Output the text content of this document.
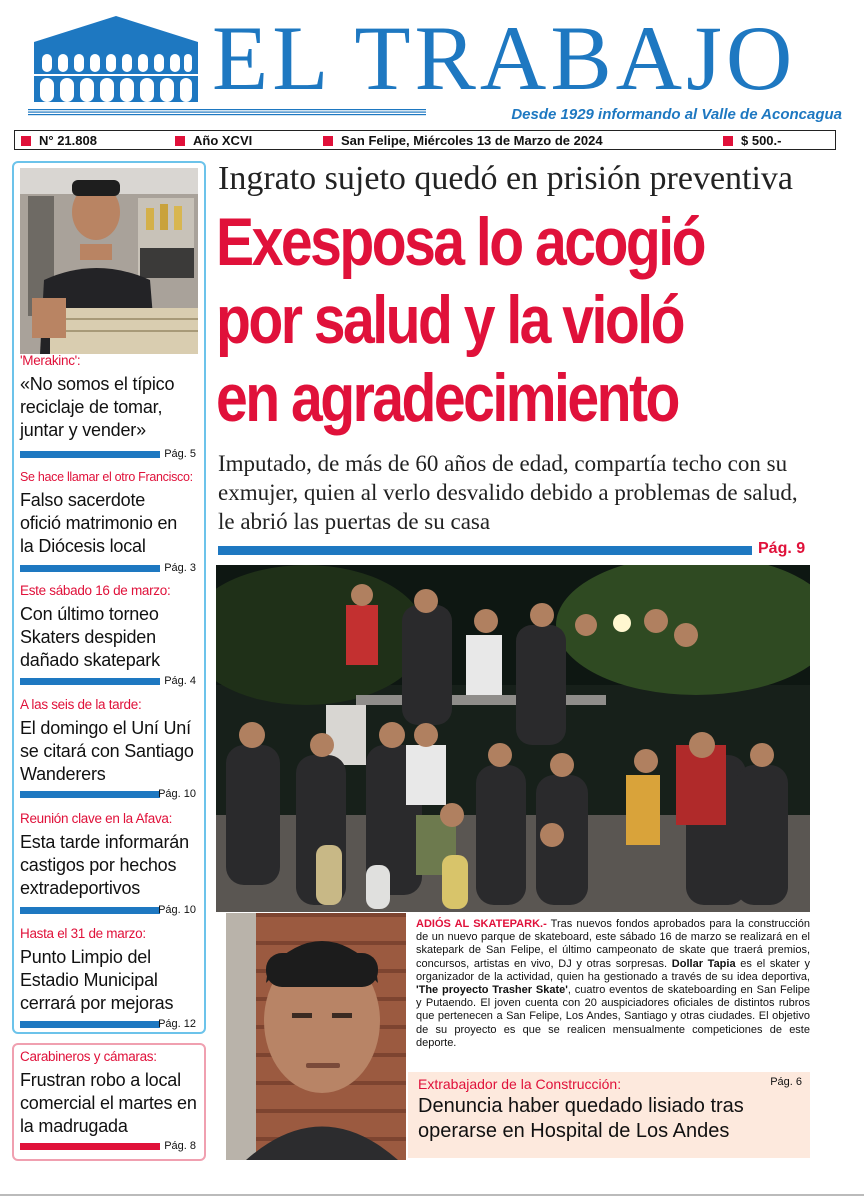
EL TRABAJO
Desde 1929 informando al Valle de Aconcagua
N° 21.808	Año XCVI	San Felipe, Miércoles 13 de Marzo de 2024	$ 500.-
'Merakinc':
«No somos el típico reciclaje de tomar, juntar y vender»
Pág. 5
Se hace llamar el otro Francisco:
Falso sacerdote ofició matrimonio en la Diócesis local
Pág. 3
Este sábado 16 de marzo:
Con último torneo Skaters despiden dañado skatepark
Pág. 4
A las seis de la tarde:
El domingo el Uní Uní se citará con Santiago Wanderers
Pág. 10
Reunión clave en la Afava:
Esta tarde informarán castigos por hechos extradeportivos
Pág. 10
Hasta el 31 de marzo:
Punto Limpio del Estadio Municipal cerrará por mejoras
Pág. 12
Carabineros y cámaras:
Frustran robo a local comercial el martes en la madrugada
Pág. 8
Ingrato sujeto quedó en prisión preventiva
Exesposa lo acogió
por salud y la violó
en agradecimiento
Imputado, de más de 60 años de edad, compartía techo con su exmujer, quien al verlo desvalido debido a problemas de salud, le abrió las puertas de su casa
Pág. 9
ADIÓS AL SKATEPARK.- Tras nuevos fondos aprobados para la construcción de un nuevo parque de skateboard, este sábado 16 de marzo se realizará en el skatepark de San Felipe, el último campeonato de skate que traerá premios, concursos, artistas en vivo, DJ y otras sorpresas. Dollar Tapia es el skater y organizador de la actividad, quien ha gestionado a través de su idea deportiva, 'The proyecto Trasher Skate', cuatro eventos de skateboarding en San Felipe y Putaendo. El joven cuenta con 20 auspiciadores oficiales de distintos rubros que pertenecen a San Felipe, Los Andes, Santiago y otras ciudades. El objetivo de su proyecto es que se realicen mensualmente competiciones de este deporte.
Extrabajador de la Construcción:	Pág. 6
Denuncia haber quedado lisiado tras operarse en Hospital de Los Andes
